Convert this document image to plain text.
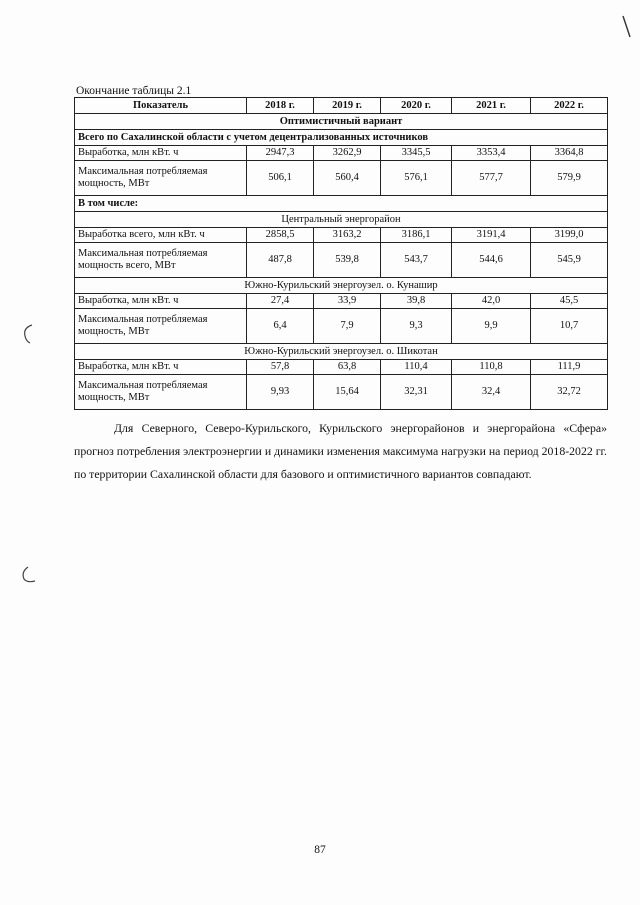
Окончание таблицы 2.1
Показатель	2018 г.	2019 г.	2020 г.	2021 г.	2022 г.
Оптимистичный вариант					
Всего по Сахалинской области с учетом децентрализованных источников					
Выработка, млн кВт. ч	2947,3	3262,9	3345,5	3353,4	3364,8
Максимальная потребляемая мощность, МВт	506,1	560,4	576,1	577,7	579,9
В том числе:					
Центральный энергорайон					
Выработка всего, млн кВт. ч	2858,5	3163,2	3186,1	3191,4	3199,0
Максимальная потребляемая мощность всего, МВт	487,8	539,8	543,7	544,6	545,9
Южно-Курильский энергоузел. о. Кунашир					
Выработка, млн кВт. ч	27,4	33,9	39,8	42,0	45,5
Максимальная потребляемая мощность, МВт	6,4	7,9	9,3	9,9	10,7
Южно-Курильский энергоузел. о. Шикотан					
Выработка, млн кВт. ч	57,8	63,8	110,4	110,8	111,9
Максимальная потребляемая мощность, МВт	9,93	15,64	32,31	32,4	32,72
Для Северного, Северо-Курильского, Курильского энергорайонов и энергорайона «Сфера» прогноз потребления электроэнергии и динамики изменения максимума нагрузки на период 2018-2022 гг. по территории Сахалинской области для базового и оптимистичного вариантов совпадают.
87
